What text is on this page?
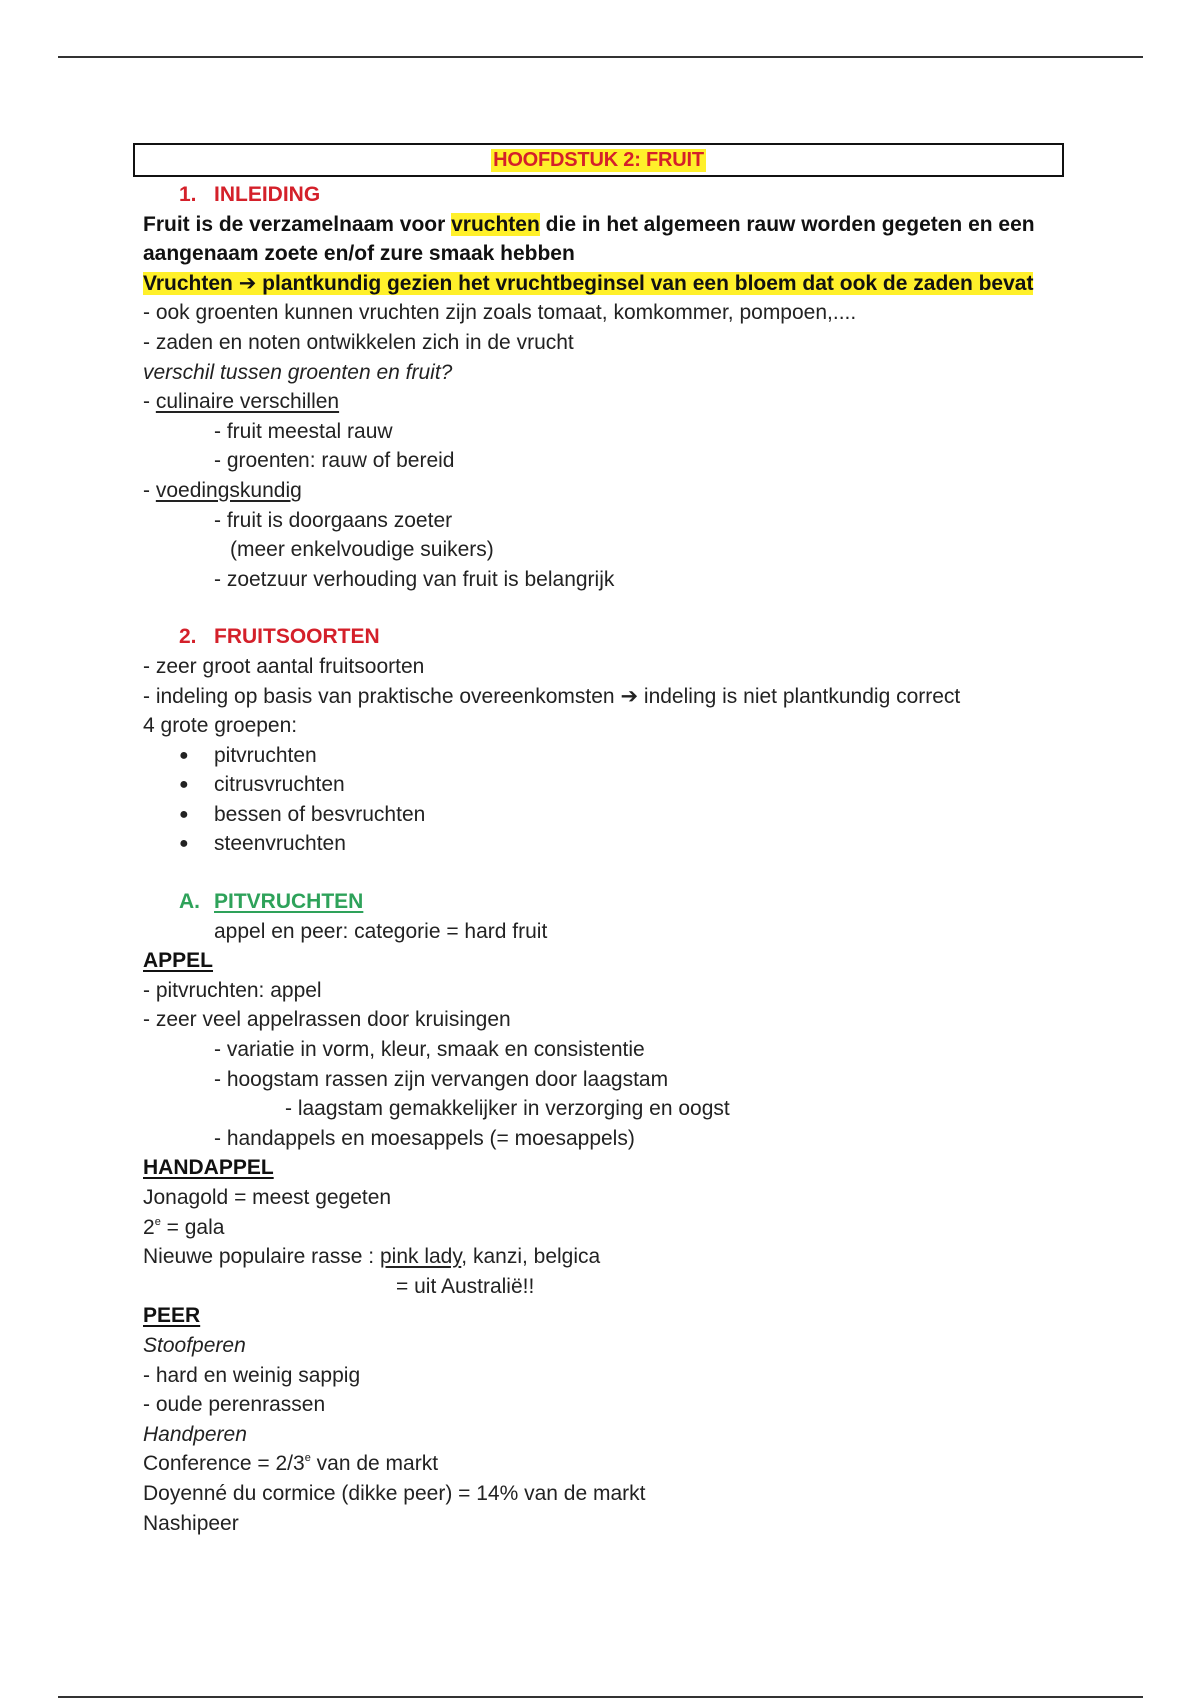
HOOFDSTUK 2: FRUIT

1. INLEIDING

Fruit is de verzamelnaam voor vruchten die in het algemeen rauw worden gegeten en een

aangenaam zoete en/of zure smaak hebben

Vruchten ➔ plantkundig gezien het vruchtbeginsel van een bloem dat ook de zaden bevat

- ook groenten kunnen vruchten zijn zoals tomaat, komkommer, pompoen,....

- zaden en noten ontwikkelen zich in de vrucht

verschil tussen groenten en fruit?

- culinaire verschillen

- fruit meestal rauw

- groenten: rauw of bereid

- voedingskundig

- fruit is doorgaans zoeter

(meer enkelvoudige suikers)

- zoetzuur verhouding van fruit is belangrijk

2. FRUITSOORTEN

- zeer groot aantal fruitsoorten

- indeling op basis van praktische overeenkomsten ➔ indeling is niet plantkundig correct

4 grote groepen:

● pitvruchten

● citrusvruchten

● bessen of besvruchten

● steenvruchten

A. PITVRUCHTEN

appel en peer: categorie = hard fruit

APPEL

- pitvruchten: appel

- zeer veel appelrassen door kruisingen

- variatie in vorm, kleur, smaak en consistentie

- hoogstam rassen zijn vervangen door laagstam

- laagstam gemakkelijker in verzorging en oogst

- handappels en moesappels (= moesappels)

HANDAPPEL

Jonagold = meest gegeten

$2^e$ = gala

Nieuwe populaire rasse : pink lady, kanzi, belgica

= uit Australië!!

PEER

Stoofperen

- hard en weinig sappig

- oude perenrassen

Handperen

Conference = $2/3^e$ van de markt

Doyenné du cormice (dikke peer) = 14% van de markt

Nashipeer
